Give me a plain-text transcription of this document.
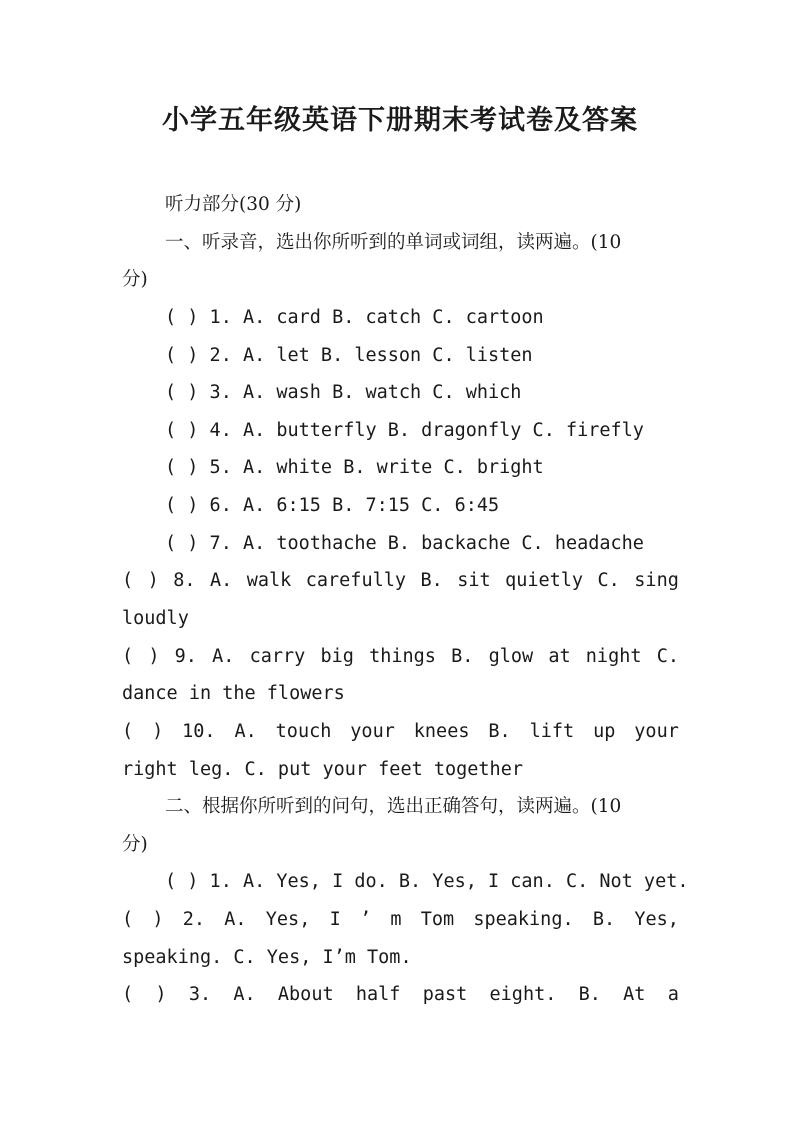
小学五年级英语下册期末考试卷及答案
听力部分(30 分)
一、听录音，选出你所听到的单词或词组，读两遍。(10
分)
( ) 1. A. card B. catch C. cartoon
( ) 2. A. let B. lesson C. listen
( ) 3. A. wash B. watch C. which
( ) 4. A. butterfly B. dragonfly C. firefly
( ) 5. A. white B. write C. bright
( ) 6. A. 6:15 B. 7:15 C. 6:45
( ) 7. A. toothache B. backache C. headache
( ) 8. A. walk carefully B. sit quietly C. sing
loudly
( ) 9. A. carry big things B. glow at night C.
dance in the flowers
( ) 10. A. touch your knees B. lift up your
right leg. C. put your feet together
二、根据你所听到的问句，选出正确答句，读两遍。(10
分)
( ) 1. A. Yes, I do. B. Yes, I can. C. Not yet.
( ) 2. A. Yes, I ’ m Tom speaking. B. Yes,
speaking. C. Yes, I’m Tom.
( ) 3. A. About half past eight. B. At a
